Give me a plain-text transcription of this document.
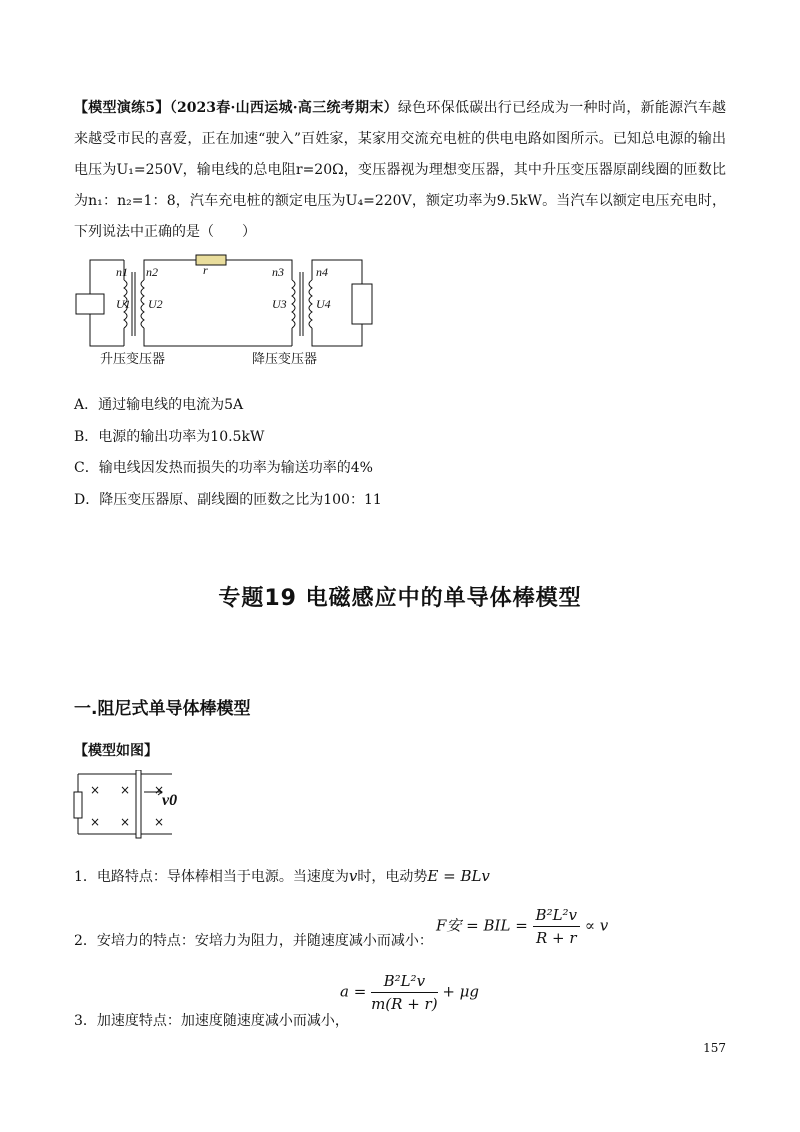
【模型演练5】（2023春·山西运城·高三统考期末）绿色环保低碳出行已经成为一种时尚，新能源汽车越来越受市民的喜爱，正在加速“驶入”百姓家，某家用交流充电桩的供电电路如图所示。已知总电源的输出电压为U₁=250V，输电线的总电阻r=20Ω，变压器视为理想变压器，其中升压变压器原副线圈的匝数比为n₁：n₂=1：8，汽车充电桩的额定电压为U₄=220V，额定功率为9.5kW。当汽车以额定电压充电时，下列说法中正确的是（　　）
r
n1 n2
U1 U2
n3	n4
U3 U4
升压变压器	降压变压器
A．通过输电线的电流为5A
B．电源的输出功率为10.5kW
C．输电线因发热而损失的功率为输送功率的4%
D．降压变压器原、副线圈的匝数之比为100：11
专题19 电磁感应中的单导体棒模型
一.阻尼式单导体棒模型
【模型如图】
× × ×
× × ×
v0
1．电路特点：导体棒相当于电源。当速度为v时，电动势E = BLv
2．安培力的特点：安培力为阻力，并随速度减小而减小：
F安 = BIL = $\frac{\text{B²L²v}}{R + r} \propto v$
3．加速度特点：加速度随速度减小而减小，
$a = \frac{\text{B²L²v}}{m(R + r)} + \mu g$
157
